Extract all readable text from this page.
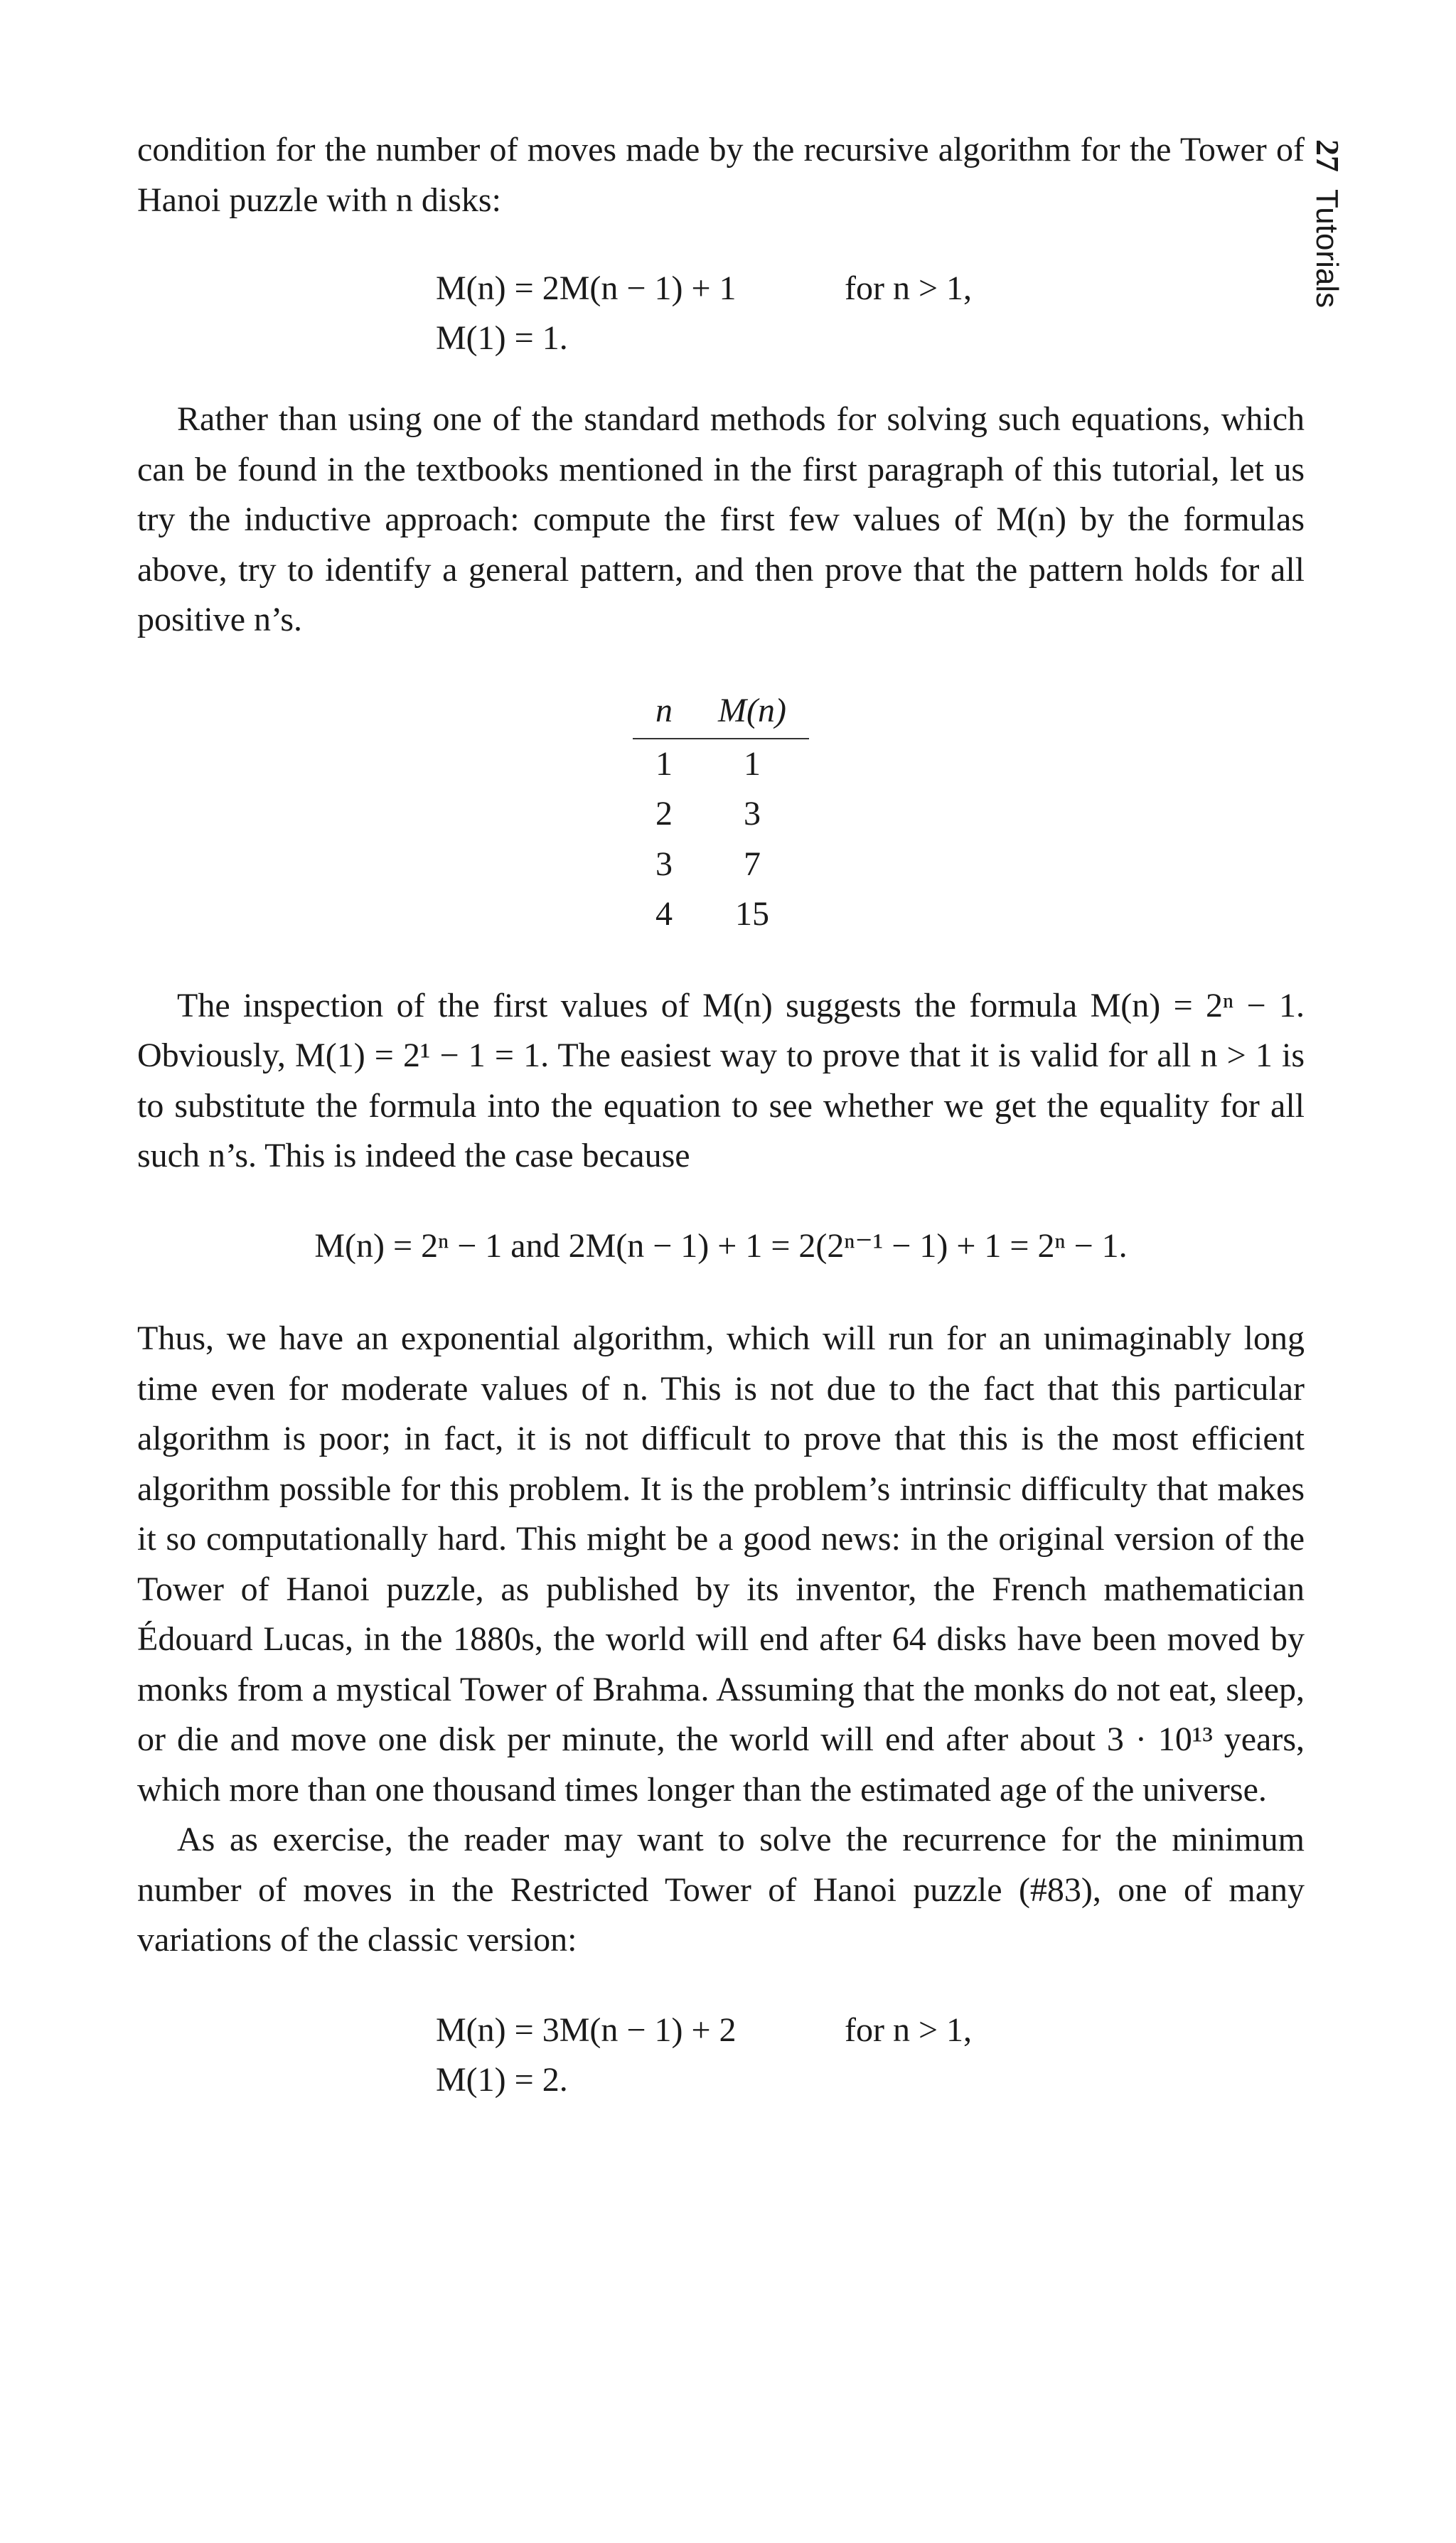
27Tutorials

condition for the number of moves made by the recursive algorithm for the Tower of Hanoi puzzle with n disks:

M(n) = 2M(n − 1) + 1	for n > 1,
M(1) = 1.

Rather than using one of the standard methods for solving such equations, which can be found in the textbooks mentioned in the first paragraph of this tutorial, let us try the inductive approach: compute the first few values of M(n) by the formulas above, try to identify a general pattern, and then prove that the pattern holds for all positive n’s.

n	M(n)
1	1
2	3
3	7
4	15

The inspection of the first values of M(n) suggests the formula M(n) = 2ⁿ − 1. Obviously, M(1) = 2¹ − 1 = 1. The easiest way to prove that it is valid for all n > 1 is to substitute the formula into the equation to see whether we get the equality for all such n’s. This is indeed the case because

M(n) = 2ⁿ − 1 and 2M(n − 1) + 1 = 2(2ⁿ⁻¹ − 1) + 1 = 2ⁿ − 1.

Thus, we have an exponential algorithm, which will run for an unimaginably long time even for moderate values of n. This is not due to the fact that this particular algorithm is poor; in fact, it is not difficult to prove that this is the most efficient algorithm possible for this problem. It is the problem’s intrinsic difficulty that makes it so computationally hard. This might be a good news: in the original version of the Tower of Hanoi puzzle, as published by its inventor, the French mathematician Édouard Lucas, in the 1880s, the world will end after 64 disks have been moved by monks from a mystical Tower of Brahma. Assuming that the monks do not eat, sleep, or die and move one disk per minute, the world will end after about 3 · 10¹³ years, which more than one thousand times longer than the estimated age of the universe.

As as exercise, the reader may want to solve the recurrence for the minimum number of moves in the Restricted Tower of Hanoi puzzle (#83), one of many variations of the classic version:

M(n) = 3M(n − 1) + 2	for n > 1,
M(1) = 2.
